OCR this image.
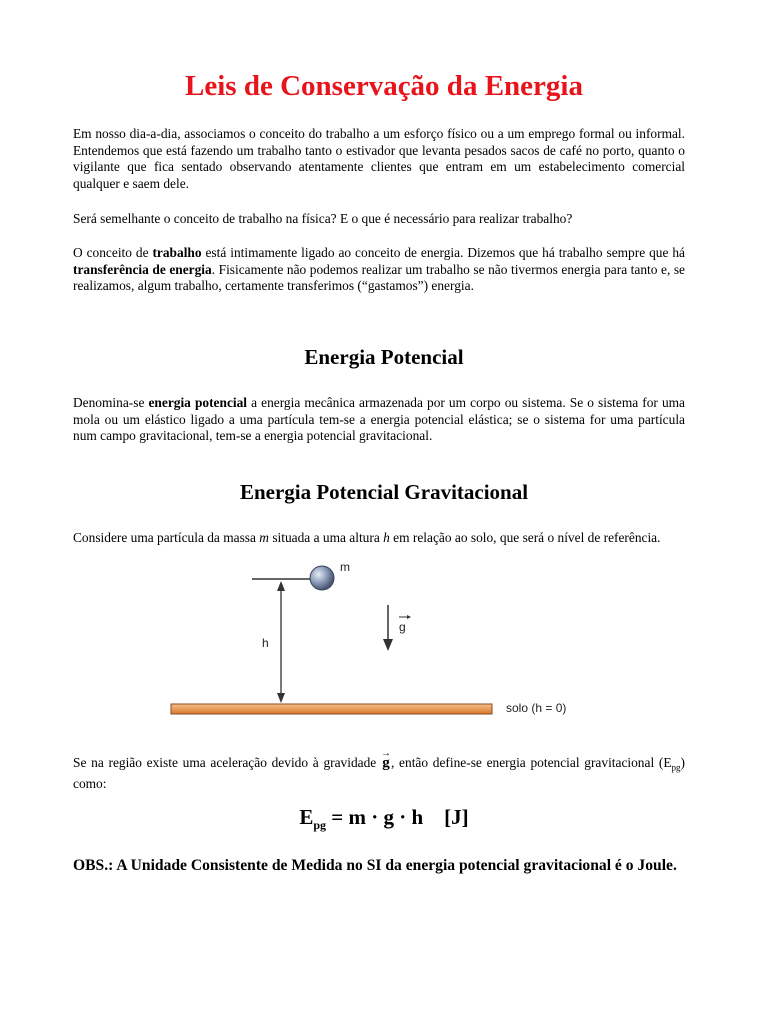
Leis de Conservação da Energia

Em nosso dia-a-dia, associamos o conceito do trabalho a um esforço físico ou a um emprego formal ou informal. Entendemos que está fazendo um trabalho tanto o estivador que levanta pesados sacos de café no porto, quanto o vigilante que fica sentado observando atentamente clientes que entram em um estabelecimento comercial qualquer e saem dele.

Será semelhante o conceito de trabalho na física? E o que é necessário para realizar trabalho?

O conceito de trabalho está intimamente ligado ao conceito de energia. Dizemos que há trabalho sempre que há transferência de energia. Fisicamente não podemos realizar um trabalho se não tivermos energia para tanto e, se realizamos, algum trabalho, certamente transferimos (“gastamos”) energia.

Energia Potencial

Denomina-se energia potencial a energia mecânica armazenada por um corpo ou sistema. Se o sistema for uma mola ou um elástico ligado a uma partícula tem-se a energia potencial elástica; se o sistema for uma partícula num campo gravitacional, tem-se a energia potencial gravitacional.

Energia Potencial Gravitacional

Considere uma partícula da massa m situada a uma altura h em relação ao solo, que será o nível de referência.

m
h
g
solo (h = 0)

Se na região existe uma aceleração devido à gravidade
→
g, então define-se energia potencial gravitacional $(E_{pg})$ como:

$E_{pg} = m \cdot g \cdot h$    [J]

OBS.: A Unidade Consistente de Medida no SI da energia potencial gravitacional é o Joule.
